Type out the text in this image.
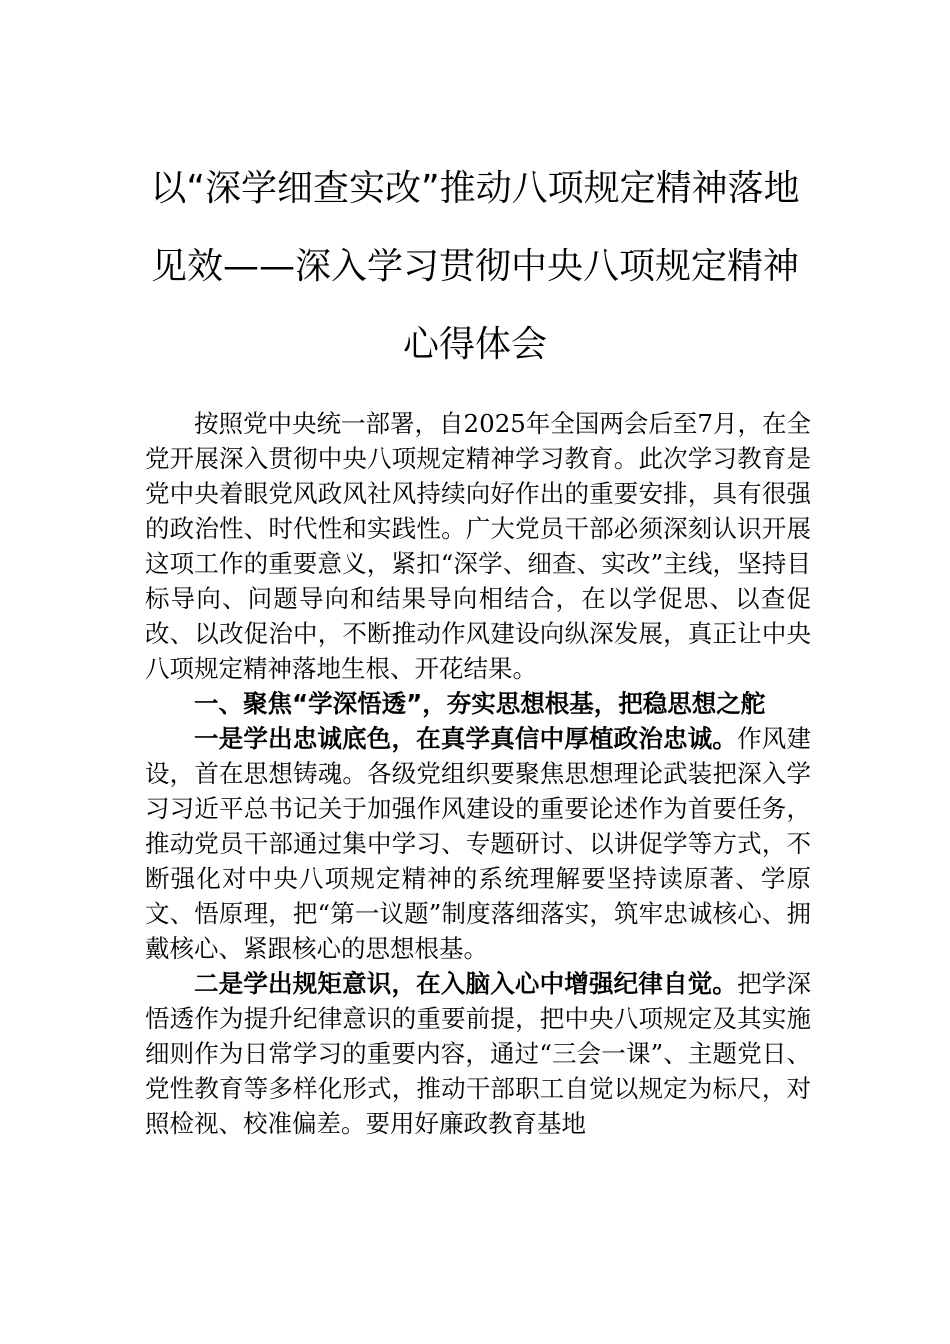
以“深学细查实改”推动八项规定精神落地见效——深入学习贯彻中央八项规定精神心得体会

按照党中央统一部署，自2025年全国两会后至7月，在全党开展深入贯彻中央八项规定精神学习教育。此次学习教育是党中央着眼党风政风社风持续向好作出的重要安排，具有很强的政治性、时代性和实践性。广大党员干部必须深刻认识开展这项工作的重要意义，紧扣“深学、细查、实改”主线，坚持目标导向、问题导向和结果导向相结合，在以学促思、以查促改、以改促治中，不断推动作风建设向纵深发展，真正让中央八项规定精神落地生根、开花结果。

一、聚焦“学深悟透”，夯实思想根基，把稳思想之舵

一是学出忠诚底色，在真学真信中厚植政治忠诚。作风建设，首在思想铸魂。各级党组织要聚焦思想理论武装把深入学习习近平总书记关于加强作风建设的重要论述作为首要任务，推动党员干部通过集中学习、专题研讨、以讲促学等方式，不断强化对中央八项规定精神的系统理解要坚持读原著、学原文、悟原理，把“第一议题”制度落细落实，筑牢忠诚核心、拥戴核心、紧跟核心的思想根基。

二是学出规矩意识，在入脑入心中增强纪律自觉。把学深悟透作为提升纪律意识的重要前提，把中央八项规定及其实施细则作为日常学习的重要内容，通过“三会一课”、主题党日、党性教育等多样化形式，推动干部职工自觉以规定为标尺，对照检视、校准偏差。要用好廉政教育基地
